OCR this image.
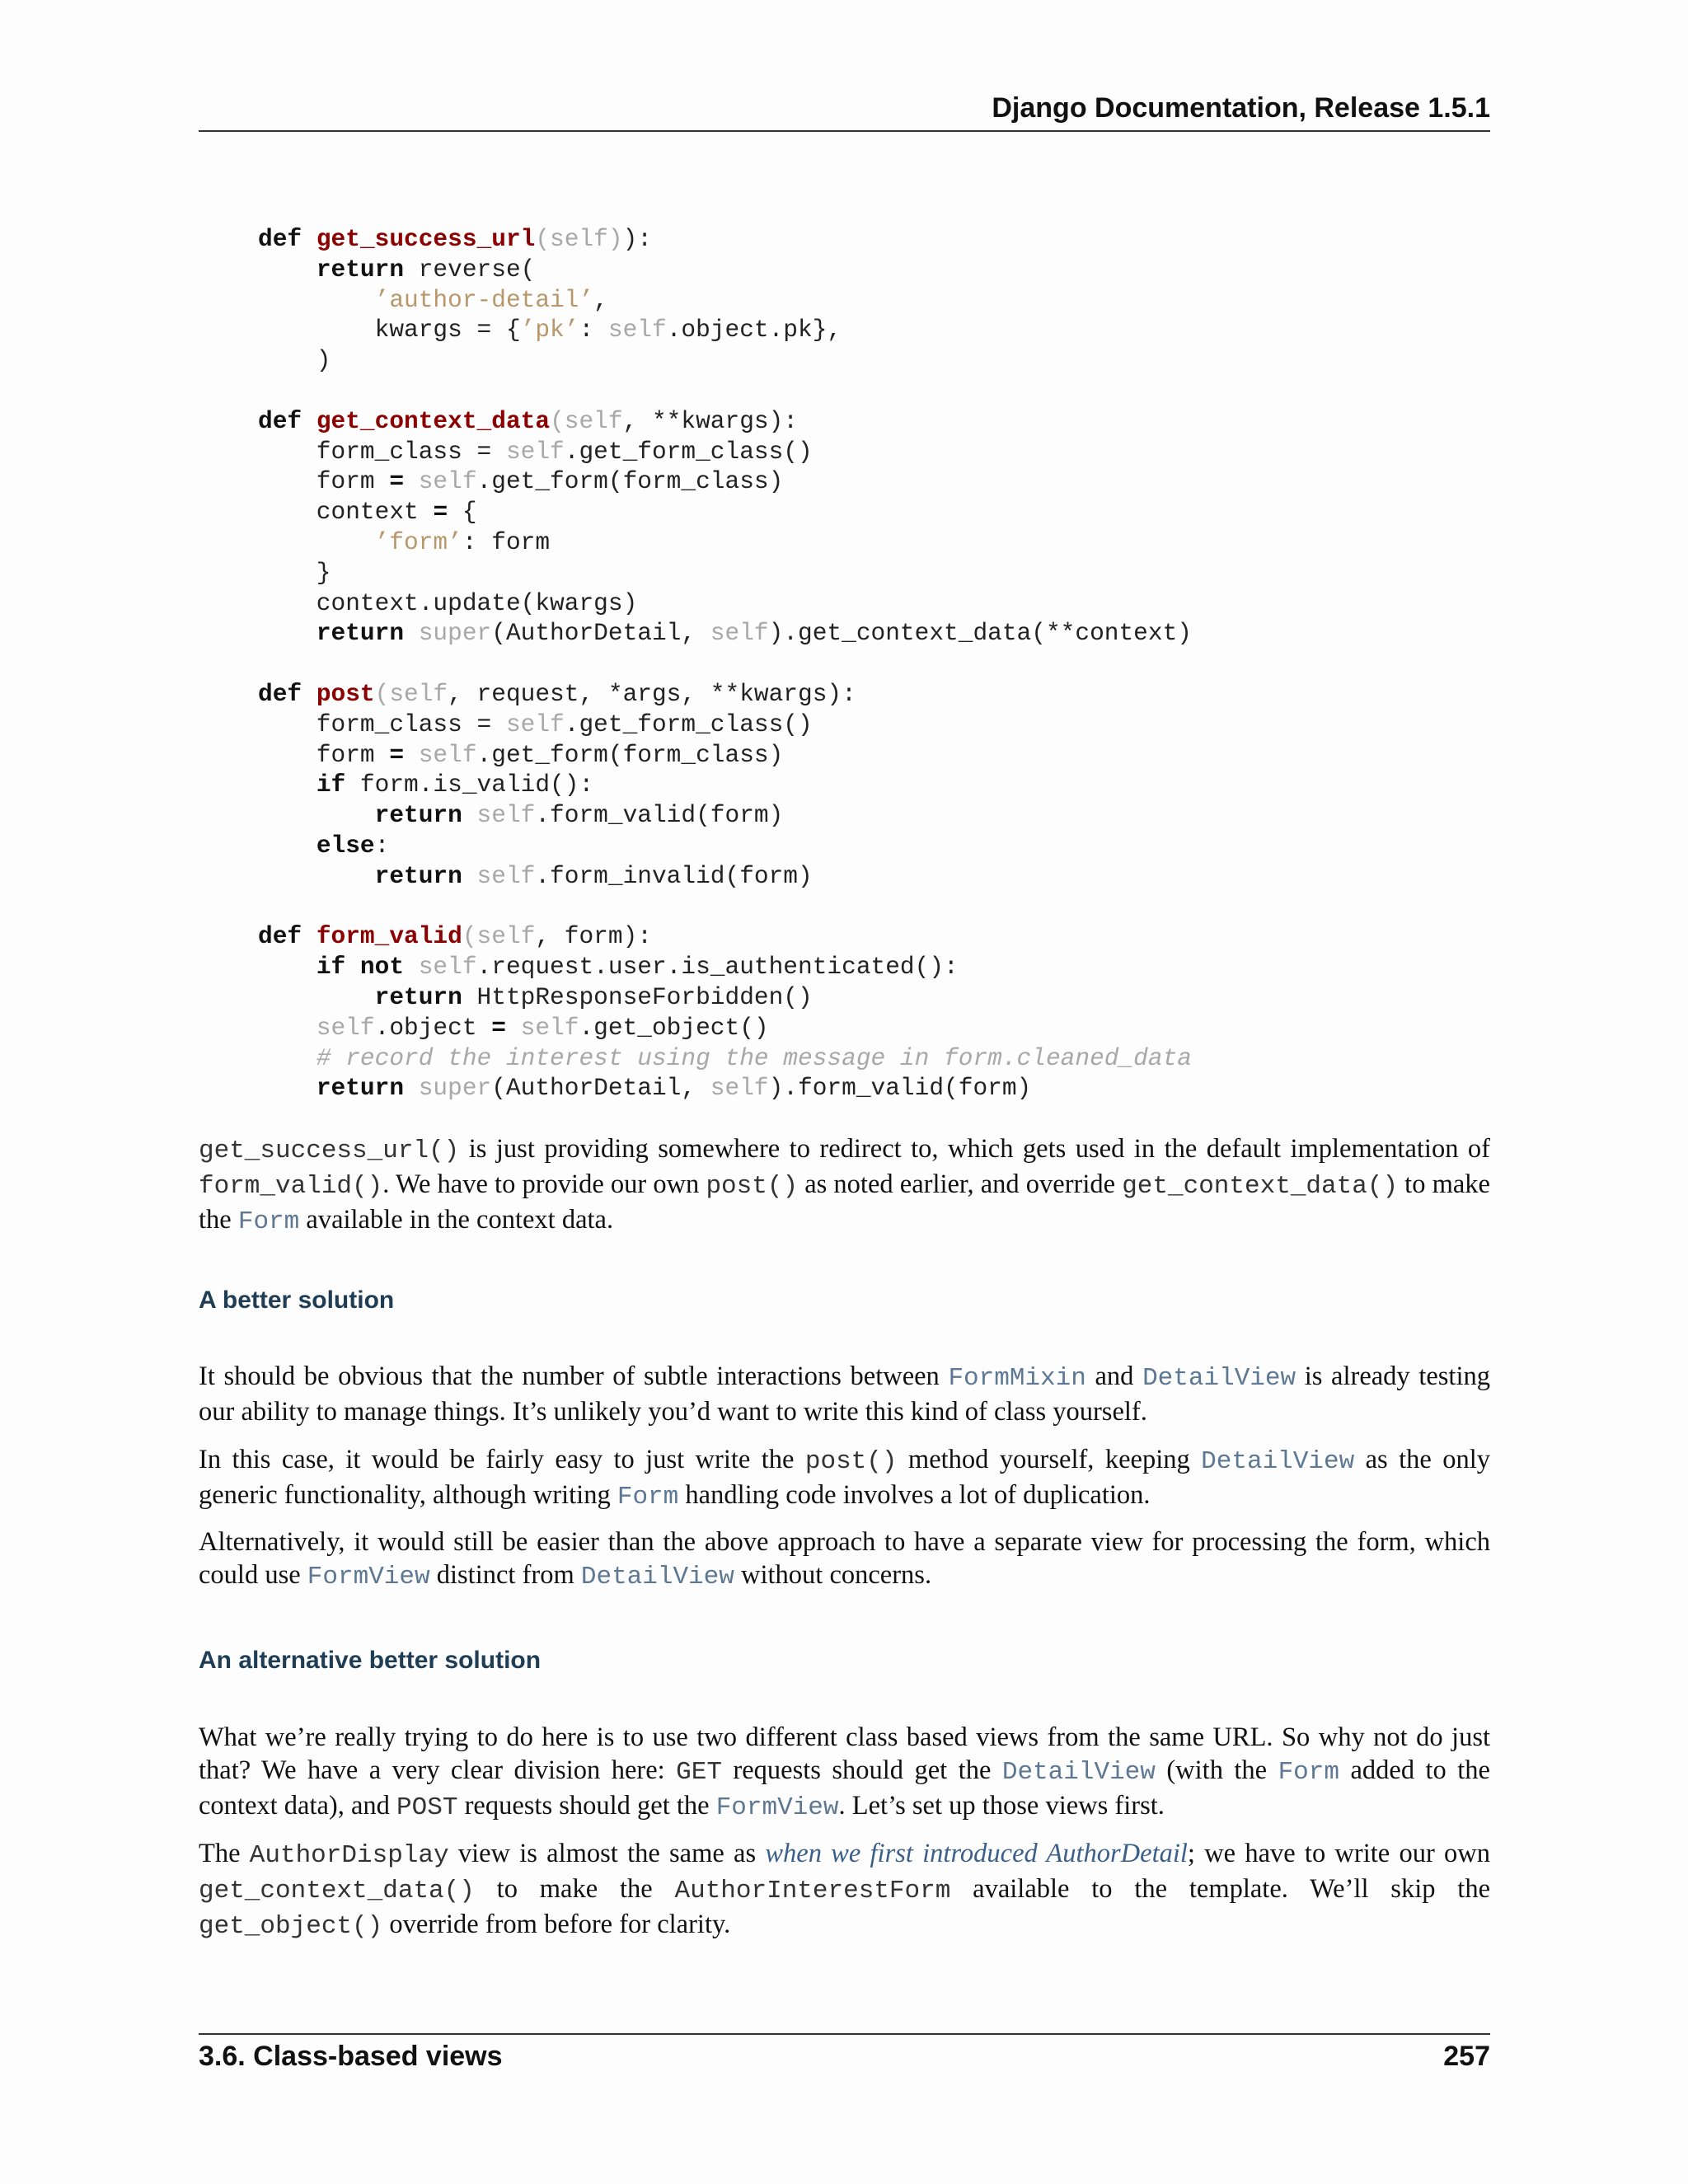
Django Documentation, Release 1.5.1
def get_success_url(self)):
return reverse(
’author-detail’,
kwargs = {’pk’: self.object.pk},
)

def get_context_data(self, **kwargs):
form_class = self.get_form_class()
form = self.get_form(form_class)
context = {
’form’: form
}
context.update(kwargs)
return super(AuthorDetail, self).get_context_data(**context)

def post(self, request, *args, **kwargs):
form_class = self.get_form_class()
form = self.get_form(form_class)
if form.is_valid():
return self.form_valid(form)
else:
return self.form_invalid(form)

def form_valid(self, form):
if not self.request.user.is_authenticated():
return HttpResponseForbidden()
self.object = self.get_object()
# record the interest using the message in form.cleaned_data
return super(AuthorDetail, self).form_valid(form)

get_success_url() is just providing somewhere to redirect to, which gets used in the default implementation of form_valid(). We have to provide our own post() as noted earlier, and override get_context_data() to make the Form available in the context data.

A better solution

It should be obvious that the number of subtle interactions between FormMixin and DetailView is already testing our ability to manage things. It’s unlikely you’d want to write this kind of class yourself.

In this case, it would be fairly easy to just write the post() method yourself, keeping DetailView as the only generic functionality, although writing Form handling code involves a lot of duplication.

Alternatively, it would still be easier than the above approach to have a separate view for processing the form, which could use FormView distinct from DetailView without concerns.

An alternative better solution

What we’re really trying to do here is to use two different class based views from the same URL. So why not do just that? We have a very clear division here: GET requests should get the DetailView (with the Form added to the context data), and POST requests should get the FormView. Let’s set up those views first.

The AuthorDisplay view is almost the same as when we first introduced AuthorDetail; we have to write our own get_context_data() to make the AuthorInterestForm available to the template. We’ll skip the get_object() override from before for clarity.

3.6. Class-based views	257
